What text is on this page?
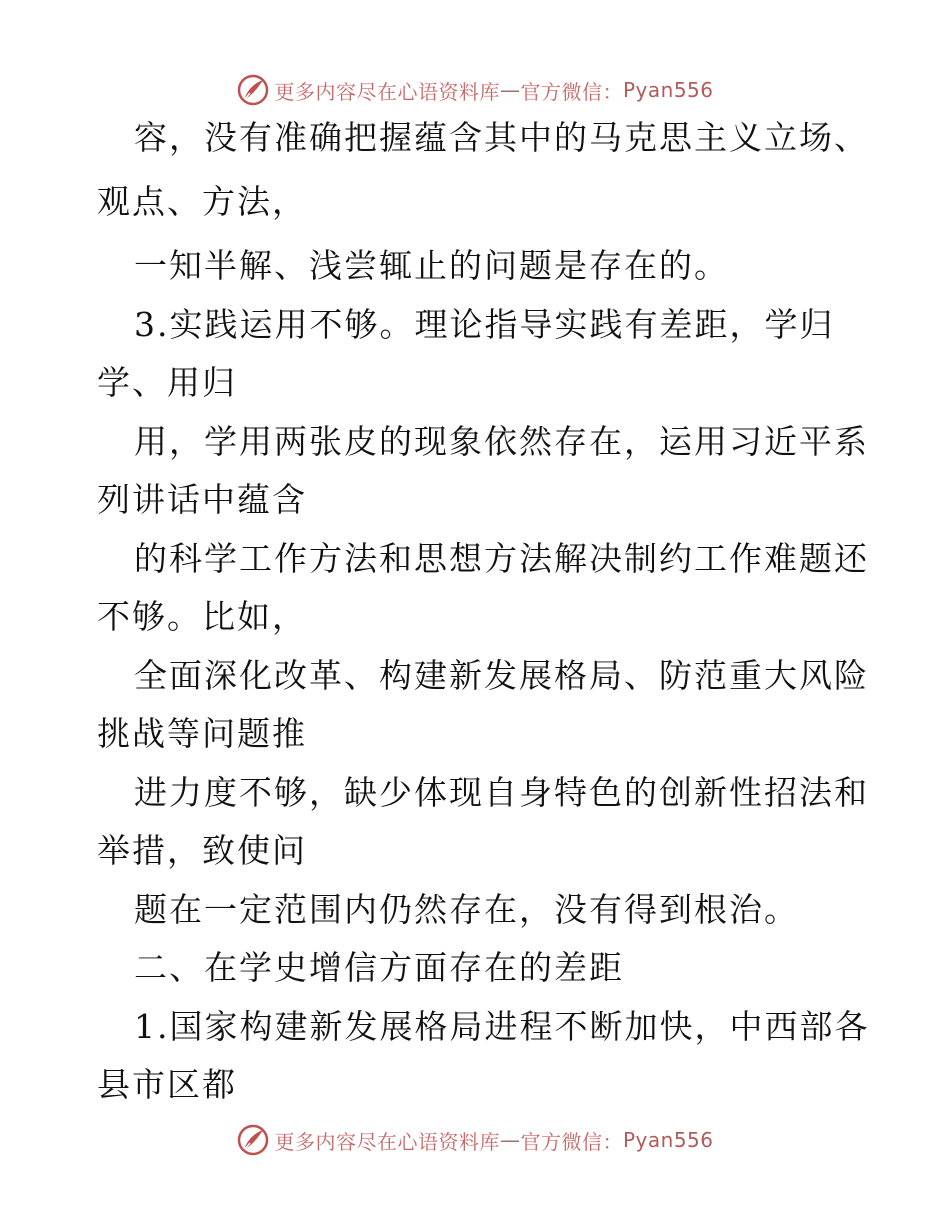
更多内容尽在心语资料库 — 官方微信： Pyan556
容，没有准确把握蕴含其中的马克思主义立场、
观点、方法，
一知半解、浅尝辄止的问题是存在的。
3.实践运用不够。理论指导实践有差距，学归
学、用归
用，学用两张皮的现象依然存在，运用习近平系
列讲话中蕴含
的科学工作方法和思想方法解决制约工作难题还
不够。比如，
全面深化改革、构建新发展格局、防范重大风险
挑战等问题推
进力度不够，缺少体现自身特色的创新性招法和
举措，致使问
题在一定范围内仍然存在，没有得到根治。
二、在学史增信方面存在的差距
1.国家构建新发展格局进程不断加快，中西部各
县市区都
更多内容尽在心语资料库 — 官方微信： Pyan556
